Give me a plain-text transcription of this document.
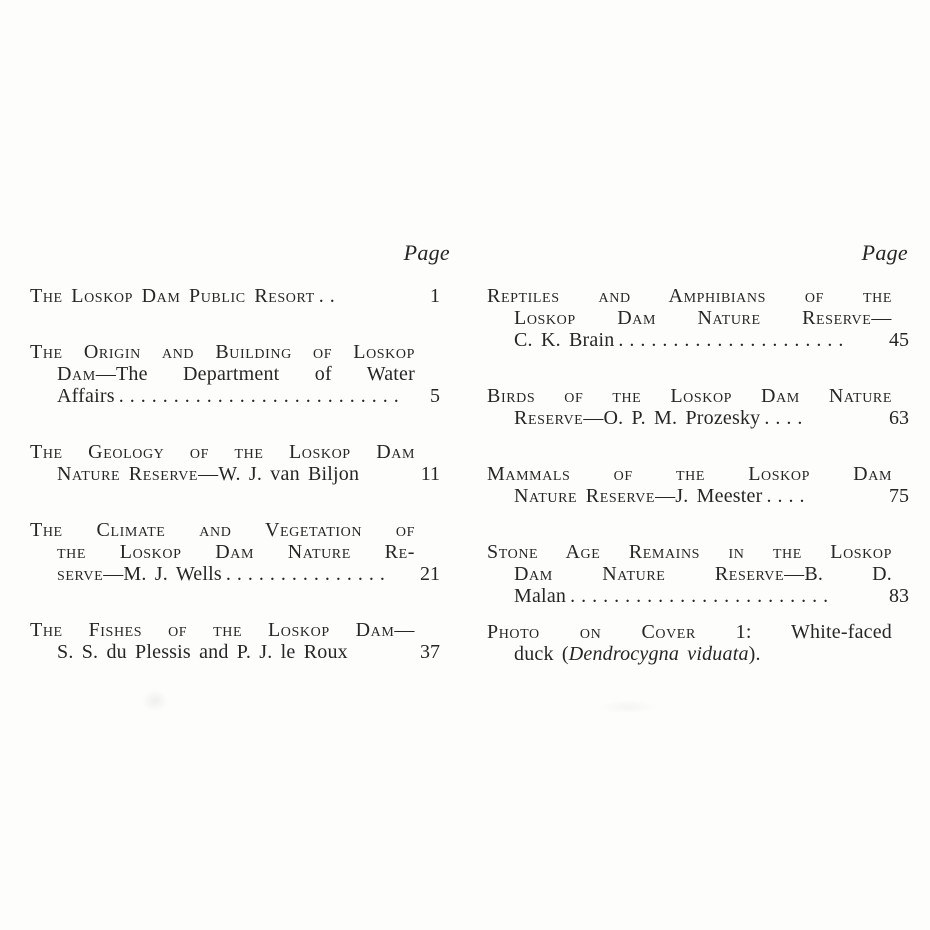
Page
The Loskop Dam Public Resort ..	1
The Origin and Building of Loskop
Dam—The Department of Water
Affairs ..........................	5
The Geology of the Loskop Dam
Nature Reserve—W. J. van Biljon	11
The Climate and Vegetation of
the Loskop Dam Nature Re-
serve—M. J. Wells ...............	21
The Fishes of the Loskop Dam—
S. S. du Plessis and P. J. le Roux	37
Page
Reptiles and Amphibians of the
Loskop Dam Nature Reserve—
C. K. Brain .....................	45
Birds of the Loskop Dam Nature
Reserve—O. P. M. Prozesky ....	63
Mammals of the Loskop Dam
Nature Reserve—J. Meester ....	75
Stone Age Remains in the Loskop
Dam Nature Reserve—B. D.
Malan ........................	83
Photo on Cover 1: White-faced
duck (Dendrocygna viduata).
